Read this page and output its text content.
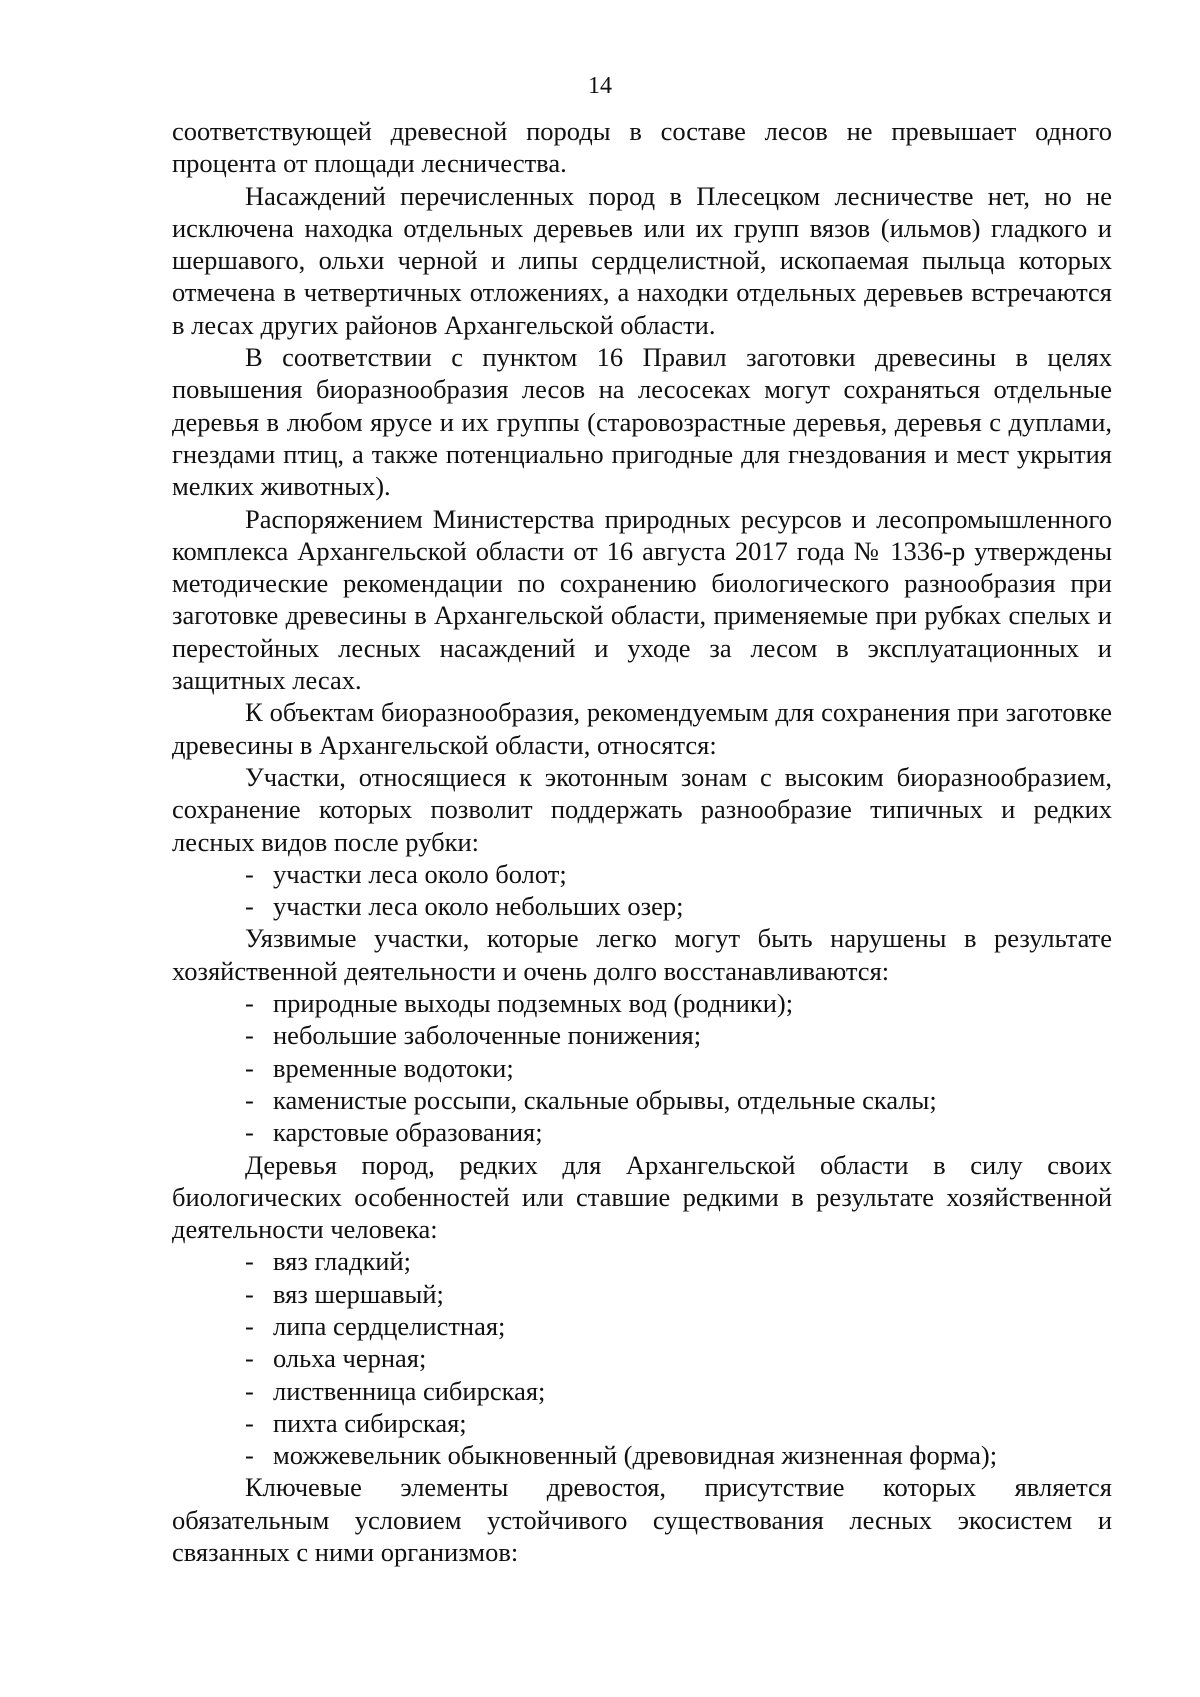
14

соответствующей древесной породы в составе лесов не превышает одного процента от площади лесничества.

Насаждений перечисленных пород в Плесецком лесничестве нет, но не исключена находка отдельных деревьев или их групп вязов (ильмов) гладкого и шершавого, ольхи черной и липы сердцелистной, ископаемая пыльца которых отмечена в четвертичных отложениях, а находки отдельных деревьев встречаются в лесах других районов Архангельской области.

В соответствии с пунктом 16 Правил заготовки древесины в целях повышения биоразнообразия лесов на лесосеках могут сохраняться отдельные деревья в любом ярусе и их группы (старовозрастные деревья, деревья с дуплами, гнездами птиц, а также потенциально пригодные для гнездования и мест укрытия мелких животных).

Распоряжением Министерства природных ресурсов и лесопромышленного комплекса Архангельской области от 16 августа 2017 года № 1336-р утверждены методические рекомендации по сохранению биологического разнообразия при заготовке древесины в Архангельской области, применяемые при рубках спелых и перестойных лесных насаждений и уходе за лесом в эксплуатационных и защитных лесах.

К объектам биоразнообразия, рекомендуемым для сохранения при заготовке древесины в Архангельской области, относятся:

Участки, относящиеся к экотонным зонам с высоким биоразнообразием, сохранение которых позволит поддержать разнообразие типичных и редких лесных видов после рубки:

- участки леса около болот;

- участки леса около небольших озер;

Уязвимые участки, которые легко могут быть нарушены в результате хозяйственной деятельности и очень долго восстанавливаются:

- природные выходы подземных вод (родники);

- небольшие заболоченные понижения;

- временные водотоки;

- каменистые россыпи, скальные обрывы, отдельные скалы;

- карстовые образования;

Деревья пород, редких для Архангельской области в силу своих биологических особенностей или ставшие редкими в результате хозяйственной деятельности человека:

- вяз гладкий;

- вяз шершавый;

- липа сердцелистная;

- ольха черная;

- лиственница сибирская;

- пихта сибирская;

- можжевельник обыкновенный (древовидная жизненная форма);

Ключевые элементы древостоя, присутствие которых является обязательным условием устойчивого существования лесных экосистем и связанных с ними организмов:
